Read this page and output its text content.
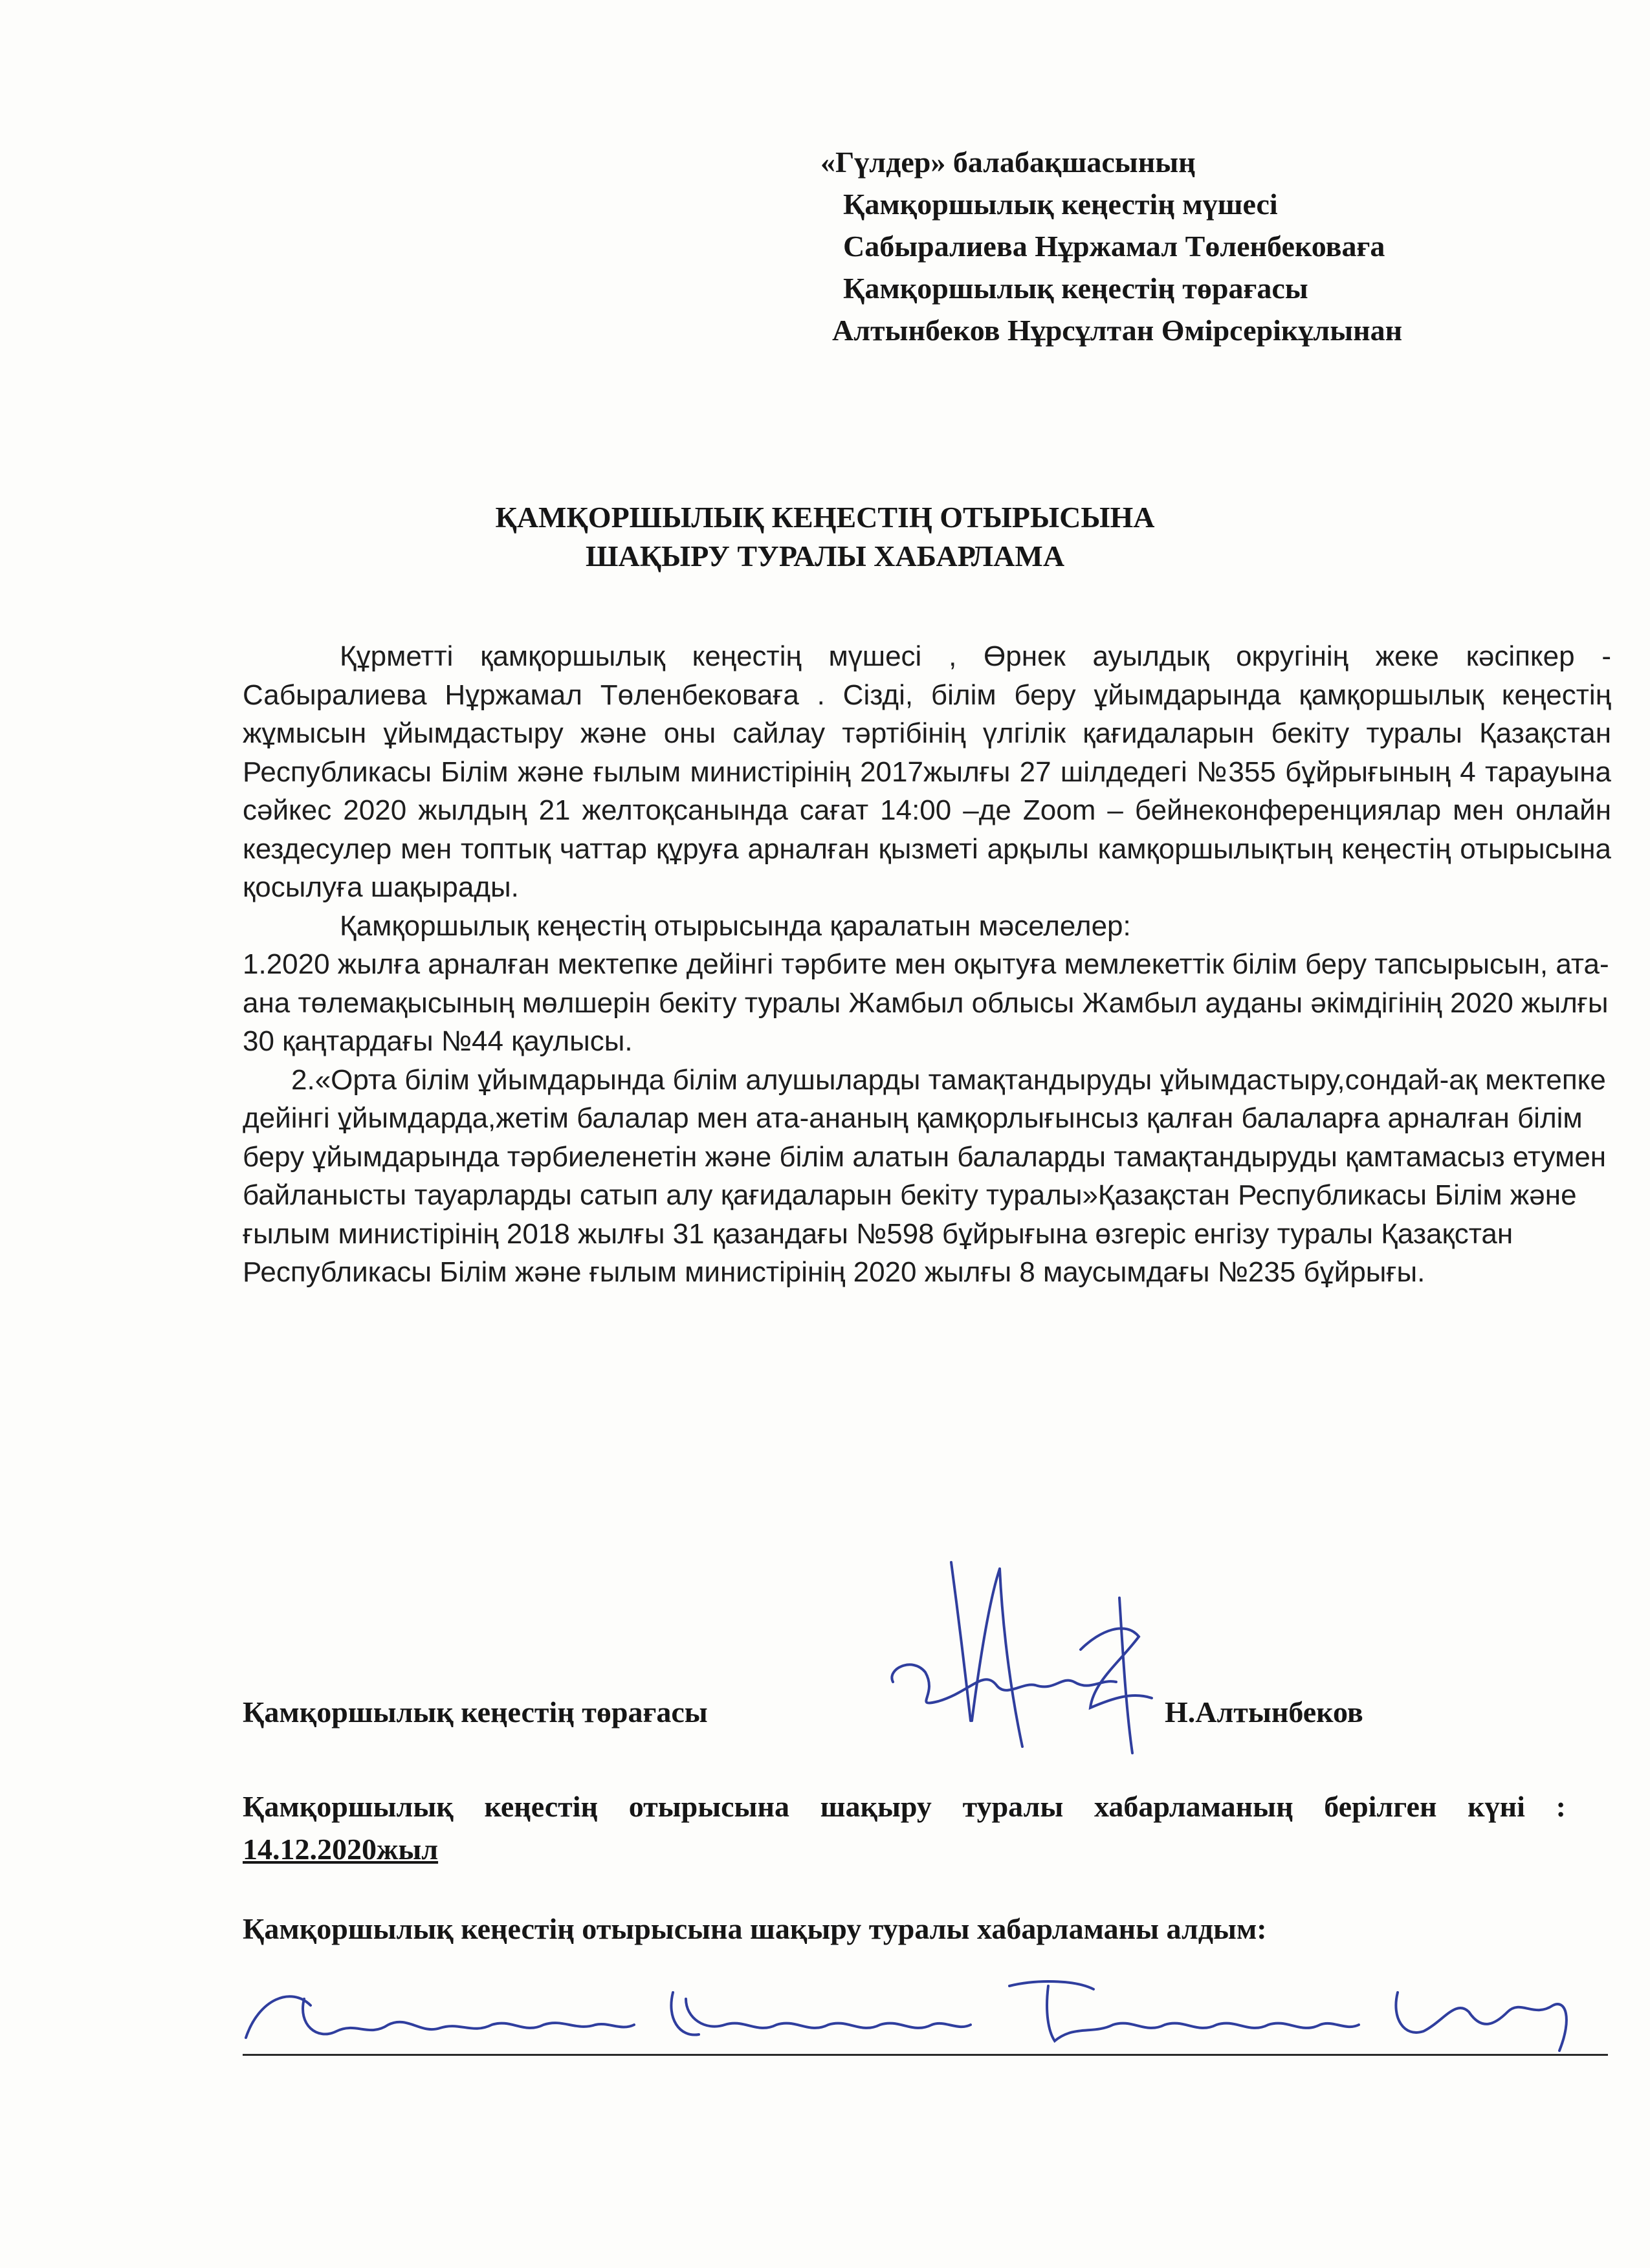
«Гүлдер» балабақшасының
Қамқоршылық кеңестің мүшесі
Сабыралиева Нұржамал Төленбековаға
Қамқоршылық кеңестің төрағасы
Алтынбеков Нұрсұлтан Өмірсерікұлынан
ҚАМҚОРШЫЛЫҚ КЕҢЕСТІҢ ОТЫРЫСЫНА
ШАҚЫРУ ТУРАЛЫ ХАБАРЛАМА

Құрметті қамқоршылық кеңестің мүшесі , Өрнек ауылдық округінің жеке кәсіпкер - Сабыралиева Нұржамал Төленбековаға . Сізді, білім беру ұйымдарында қамқоршылық кеңестің жұмысын ұйымдастыру және оны сайлау тәртібінің үлгілік қағидаларын бекіту туралы Қазақстан Республикасы Білім және ғылым министірінің 2017жылғы 27 шілдедегі №355 бұйрығының 4 тарауына сәйкес 2020 жылдың 21 желтоқсанында сағат 14:00 –де Zoom – бейнеконференциялар мен онлайн кездесулер мен топтық чаттар құруға арналған қызметі арқылы камқоршылықтың кеңестің отырысына қосылуға шақырады.

Қамқоршылық кеңестің отырысында қаралатын мәселелер:

1.2020 жылға арналған мектепке дейінгі тәрбите мен оқытуға мемлекеттік білім беру тапсырысын, ата-ана төлемақысының мөлшерін бекіту туралы Жамбыл облысы Жамбыл ауданы әкімдігінің 2020 жылғы 30 қаңтардағы №44 қаулысы.

2.«Орта білім ұйымдарында білім алушыларды тамақтандыруды ұйымдастыру,сондай-ақ мектепке дейінгі ұйымдарда,жетім балалар мен ата-ананың қамқорлығынсыз қалған балаларға арналған білім беру ұйымдарында тәрбиеленетін және білім алатын балаларды тамақтандыруды қамтамасыз етумен байланысты тауарларды сатып алу қағидаларын бекіту туралы»Қазақстан Республикасы Білім және ғылым министірінің 2018 жылғы 31 қазандағы №598 бұйрығына өзгеріс енгізу туралы Қазақстан Республикасы Білім және ғылым министірінің 2020 жылғы 8 маусымдағы №235 бұйрығы.

Қамқоршылық кеңестің төрағасы	Н.Алтынбеков
Қамқоршылық кеңестің отырысына шақыру туралы хабарламаның берілген күні : 14.12.2020жыл
Қамқоршылық кеңестің отырысына шақыру туралы хабарламаны алдым:
